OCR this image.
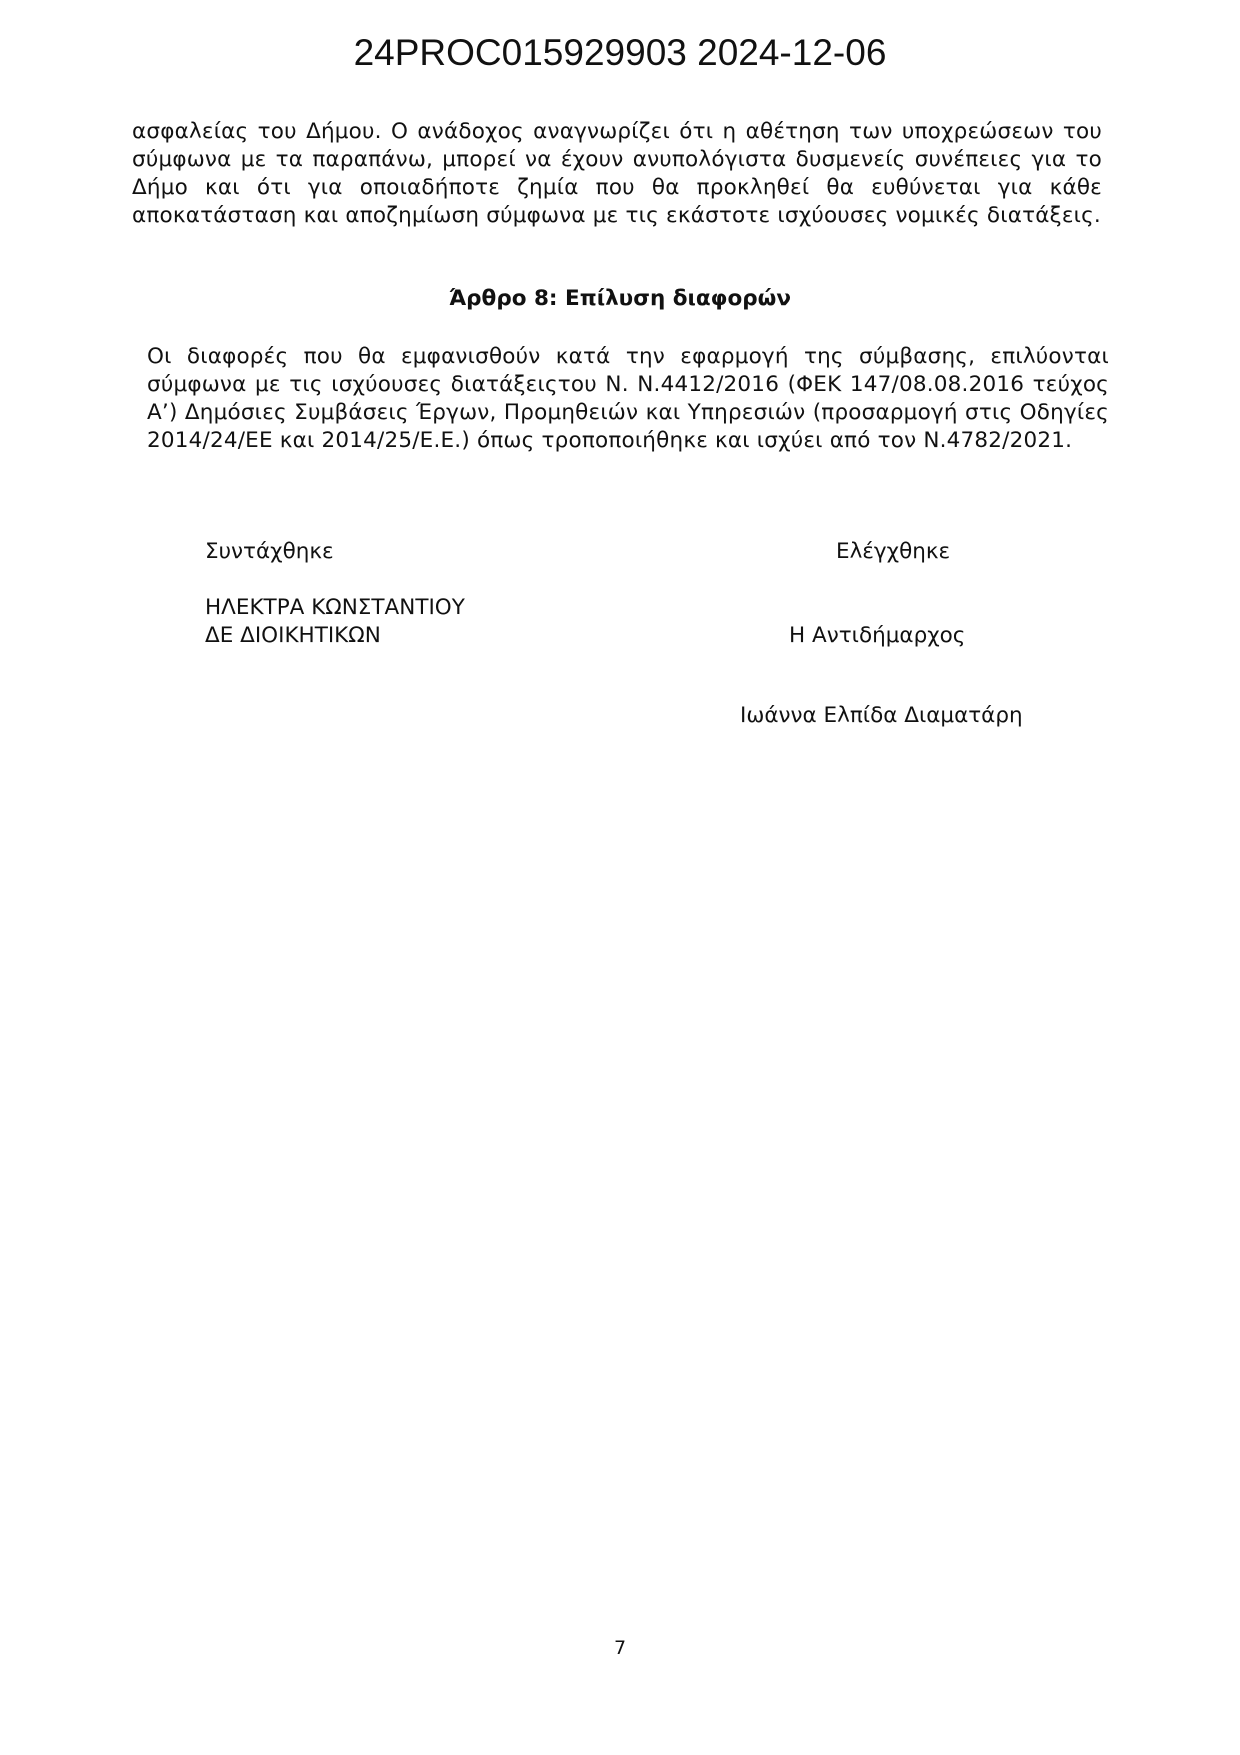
24PROC015929903 2024-12-06
ασφαλείας του Δήμου. Ο ανάδοχος αναγνωρίζει ότι η αθέτηση των υποχρεώσεων του σύμφωνα με τα παραπάνω, μπορεί να έχουν ανυπολόγιστα δυσμενείς συνέπειες για το Δήμο και ότι για οποιαδήποτε ζημία που θα προκληθεί θα ευθύνεται για κάθε αποκατάσταση και αποζημίωση σύμφωνα με τις εκάστοτε ισχύουσες νομικές διατάξεις.
Άρθρο 8: Επίλυση διαφορών
Οι διαφορές που θα εμφανισθούν κατά την εφαρμογή της σύμβασης, επιλύονται σύμφωνα με τις ισχύουσες διατάξειςτου Ν. Ν.4412/2016 (ΦΕΚ 147/08.08.2016 τεύχος Α’) Δημόσιες Συμβάσεις Έργων, Προμηθειών και Υπηρεσιών (προσαρμογή στις Οδηγίες 2014/24/ΕΕ και 2014/25/Ε.Ε.) όπως τροποποιήθηκε και ισχύει από τον Ν.4782/2021.
Συντάχθηκε	Ελέγχθηκε
ΗΛΕΚΤΡΑ ΚΩΝΣΤΑΝΤΙΟΥ
ΔΕ ΔΙΟΙΚΗΤΙΚΩΝ	Η Αντιδήμαρχος
Ιωάννα Ελπίδα Διαματάρη
7
